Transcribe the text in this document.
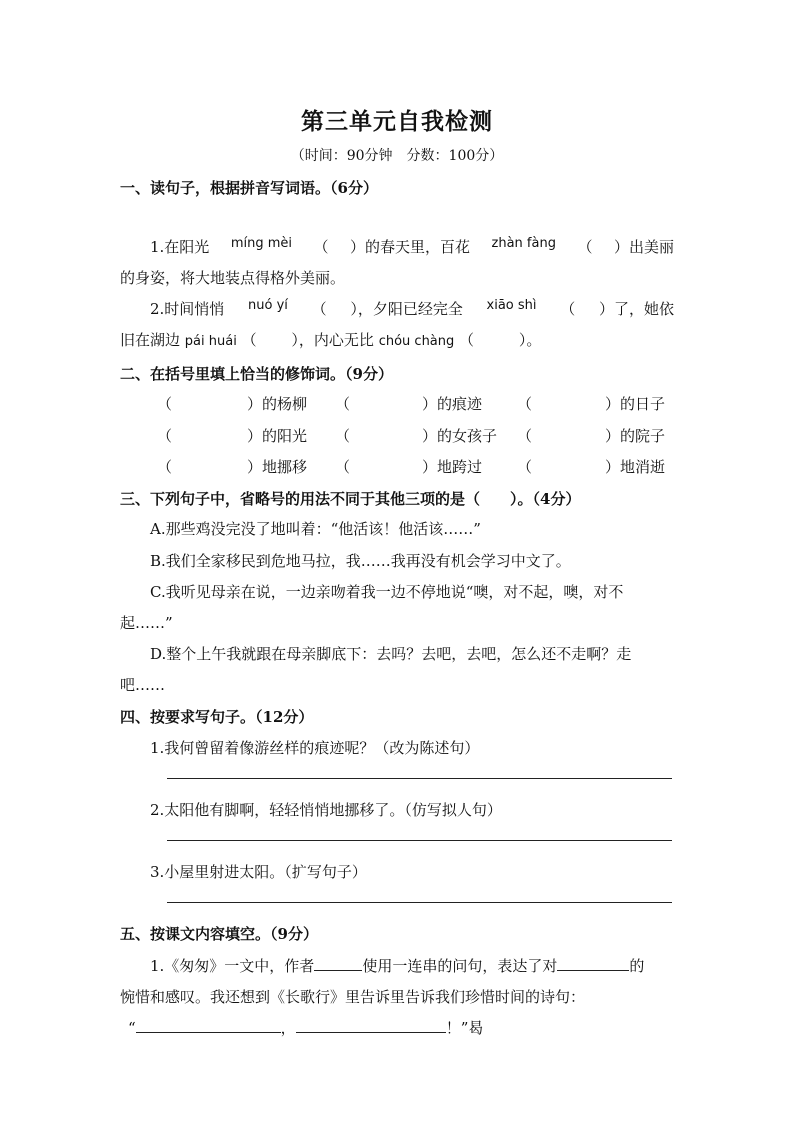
第三单元自我检测
（时间：90分钟　分数：100分）
一、读句子，根据拼音写词语。（6分）
1.在阳光 míng mèi （ ）的春天里，百花 zhàn fàng （ ）出美丽
的身姿，将大地装点得格外美丽。
2.时间悄悄 nuó yí （ ），夕阳已经完全 xiāo shì （ ）了，她依
旧在湖边 pái huái （ ），内心无比 chóu chàng （	）。
二、在括号里填上恰当的修饰词。（9分）
（	）的杨柳 （	）的痕迹 （	）的日子
（	）的阳光 （	）的女孩子 （	）的院子
（	）地挪移 （	）地跨过 （	）地消逝
三、下列句子中，省略号的用法不同于其他三项的是（　　）。（4分）
A.那些鸡没完没了地叫着：“他活该！他活该……”
B.我们全家移民到危地马拉，我……我再没有机会学习中文了。
C.我听见母亲在说，一边亲吻着我一边不停地说“噢，对不起，噢，对不
起……”
D.整个上午我就跟在母亲脚底下：去吗？去吧，去吧，怎么还不走啊？走
吧……
四、按要求写句子。（12分）
1.我何曾留着像游丝样的痕迹呢？（改为陈述句）
2.太阳他有脚啊，轻轻悄悄地挪移了。（仿写拟人句）
3.小屋里射进太阳。（扩写句子）
五、按课文内容填空。（9分）
1.《匆匆》一文中，作者	使用一连串的问句，表达了对	的
惋惜和感叹。我还想到《长歌行》里告诉里告诉我们珍惜时间的诗句：
“	，	！”曷
